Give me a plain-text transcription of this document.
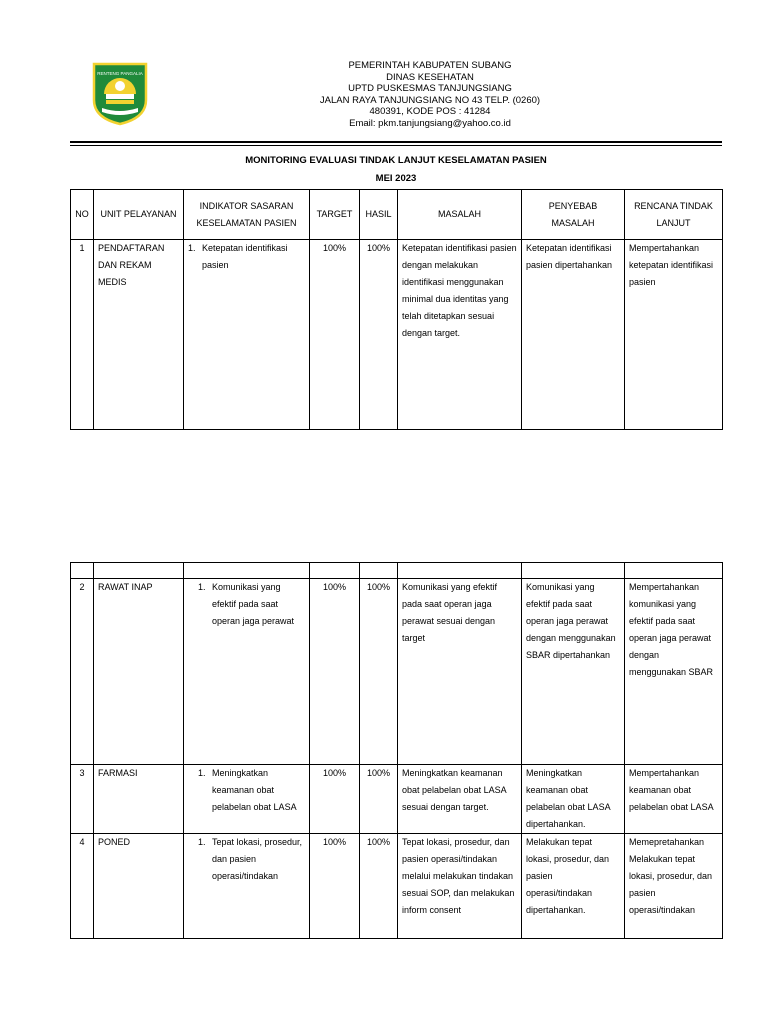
RENTENG PANGALIA
PEMERINTAH KABUPATEN SUBANG
DINAS KESEHATAN
UPTD PUSKESMAS TANJUNGSIANG
JALAN RAYA TANJUNGSIANG NO 43 TELP. (0260)
480391, KODE POS : 41284
Email: pkm.tanjungsiang@yahoo.co.id
MONITORING EVALUASI TINDAK LANJUT KESELAMATAN PASIEN
MEI 2023
NO	UNIT PELAYANAN	INDIKATOR SASARAN KESELAMATAN PASIEN	TARGET	HASIL	MASALAH	PENYEBAB MASALAH	RENCANA TINDAK LANJUT
1	PENDAFTARAN DAN REKAM MEDIS	1. Ketepatan identifikasi pasien	100%	100%	Ketepatan identifikasi pasien dengan melakukan identifikasi menggunakan minimal dua identitas yang telah ditetapkan sesuai dengan target.	Ketepatan identifikasi pasien dipertahankan	Mempertahankan ketepatan identifikasi pasien

2	RAWAT INAP	1. Komunikasi yang efektif pada saat operan jaga perawat	100%	100%	Komunikasi yang efektif pada saat operan jaga perawat sesuai dengan target	Komunikasi yang efektif pada saat operan jaga perawat dengan menggunakan SBAR dipertahankan	Mempertahankan komunikasi yang efektif pada saat operan jaga perawat dengan menggunakan SBAR
3	FARMASI	1. Meningkatkan keamanan obat pelabelan obat LASA	100%	100%	Meningkatkan keamanan obat pelabelan obat LASA sesuai dengan target.	Meningkatkan keamanan obat pelabelan obat LASA dipertahankan.	Mempertahankan keamanan obat pelabelan obat LASA
4	PONED	1. Tepat lokasi, prosedur, dan pasien operasi/tindakan	100%	100%	Tepat lokasi, prosedur, dan pasien operasi/tindakan melalui melakukan tindakan sesuai SOP, dan melakukan inform consent	Melakukan tepat lokasi, prosedur, dan pasien operasi/tindakan dipertahankan.	Memepretahankan Melakukan tepat lokasi, prosedur, dan pasien operasi/tindakan
